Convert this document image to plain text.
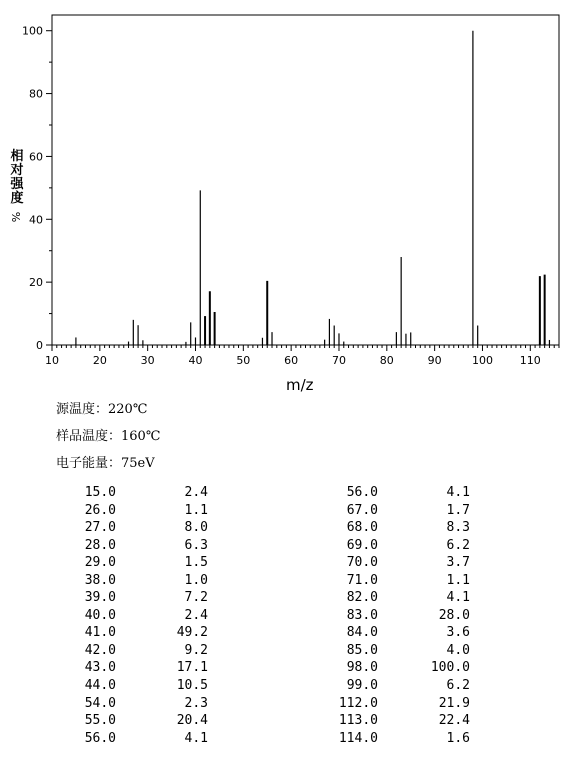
10	20	30	40	50	60	70	80	90	100 110
0
20
40
60
80
100
相对强度
%
m/z
源温度：220℃
样品温度：160℃
电子能量：75eV
15.0	2.4	56.0	4.1
26.0	1.1	67.0	1.7
27.0	8.0	68.0	8.3
28.0	6.3	69.0	6.2
29.0	1.5	70.0	3.7
38.0	1.0	71.0	1.1
39.0	7.2	82.0	4.1
40.0	2.4	83.0	28.0
41.0	49.2	84.0	3.6
42.0	9.2	85.0	4.0
43.0	17.1	98.0	100.0
44.0	10.5	99.0	6.2
54.0	2.3	112.0	21.9
55.0	20.4	113.0	22.4
56.0	4.1	114.0	1.6
